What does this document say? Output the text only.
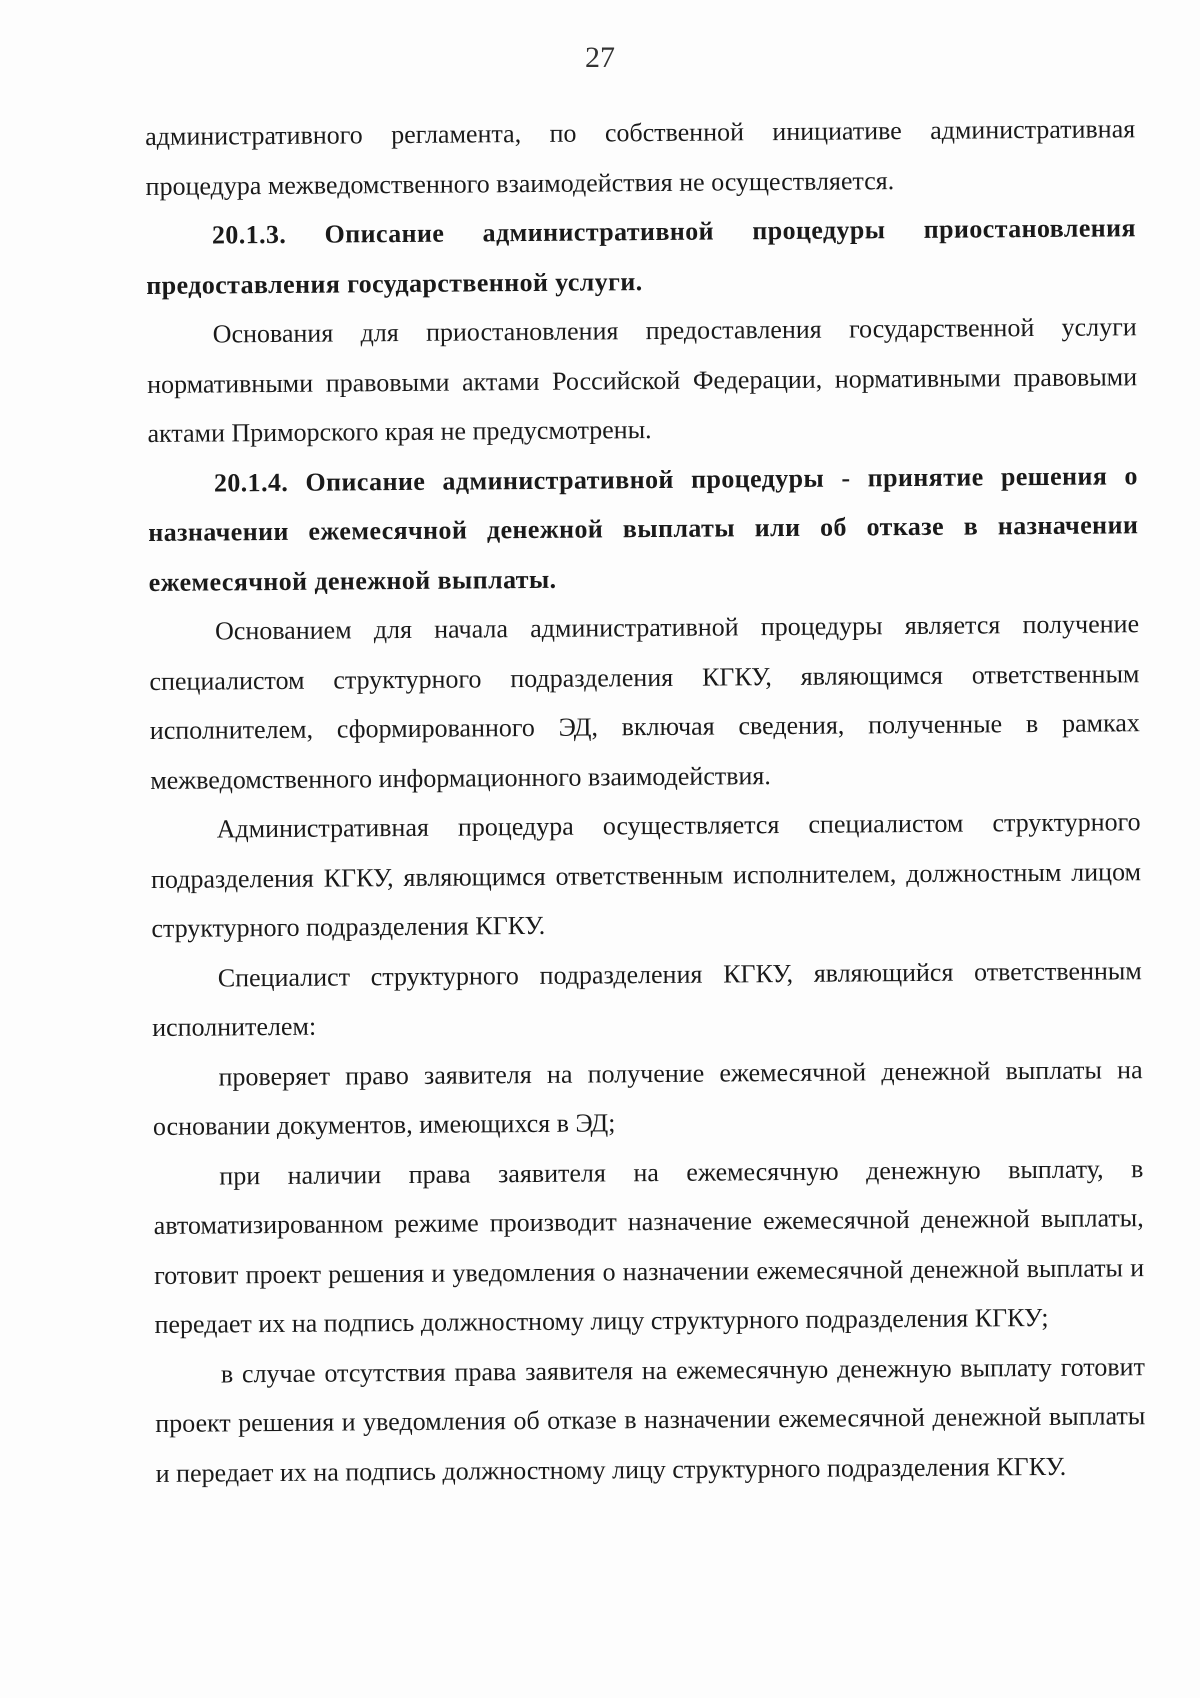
27

административного регламента, по собственной инициативе административная процедура межведомственного взаимодействия не осуществляется.

20.1.3. Описание административной процедуры приостановления предоставления государственной услуги.

Основания для приостановления предоставления государственной услуги нормативными правовыми актами Российской Федерации, нормативными правовыми актами Приморского края не предусмотрены.

20.1.4. Описание административной процедуры - принятие решения о назначении ежемесячной денежной выплаты или об отказе в назначении ежемесячной денежной выплаты.

Основанием для начала административной процедуры является получение специалистом структурного подразделения КГКУ, являющимся ответственным исполнителем, сформированного ЭД, включая сведения, полученные в рамках межведомственного информационного взаимодействия.

Административная процедура осуществляется специалистом структурного подразделения КГКУ, являющимся ответственным исполнителем, должностным лицом структурного подразделения КГКУ.

Специалист структурного подразделения КГКУ, являющийся ответственным исполнителем:

проверяет право заявителя на получение ежемесячной денежной выплаты на основании документов, имеющихся в ЭД;

при наличии права заявителя на ежемесячную денежную выплату, в автоматизированном режиме производит назначение ежемесячной денежной выплаты, готовит проект решения и уведомления о назначении ежемесячной денежной выплаты и передает их на подпись должностному лицу структурного подразделения КГКУ;

в случае отсутствия права заявителя на ежемесячную денежную выплату готовит проект решения и уведомления об отказе в назначении ежемесячной денежной выплаты и передает их на подпись должностному лицу структурного подразделения КГКУ.
